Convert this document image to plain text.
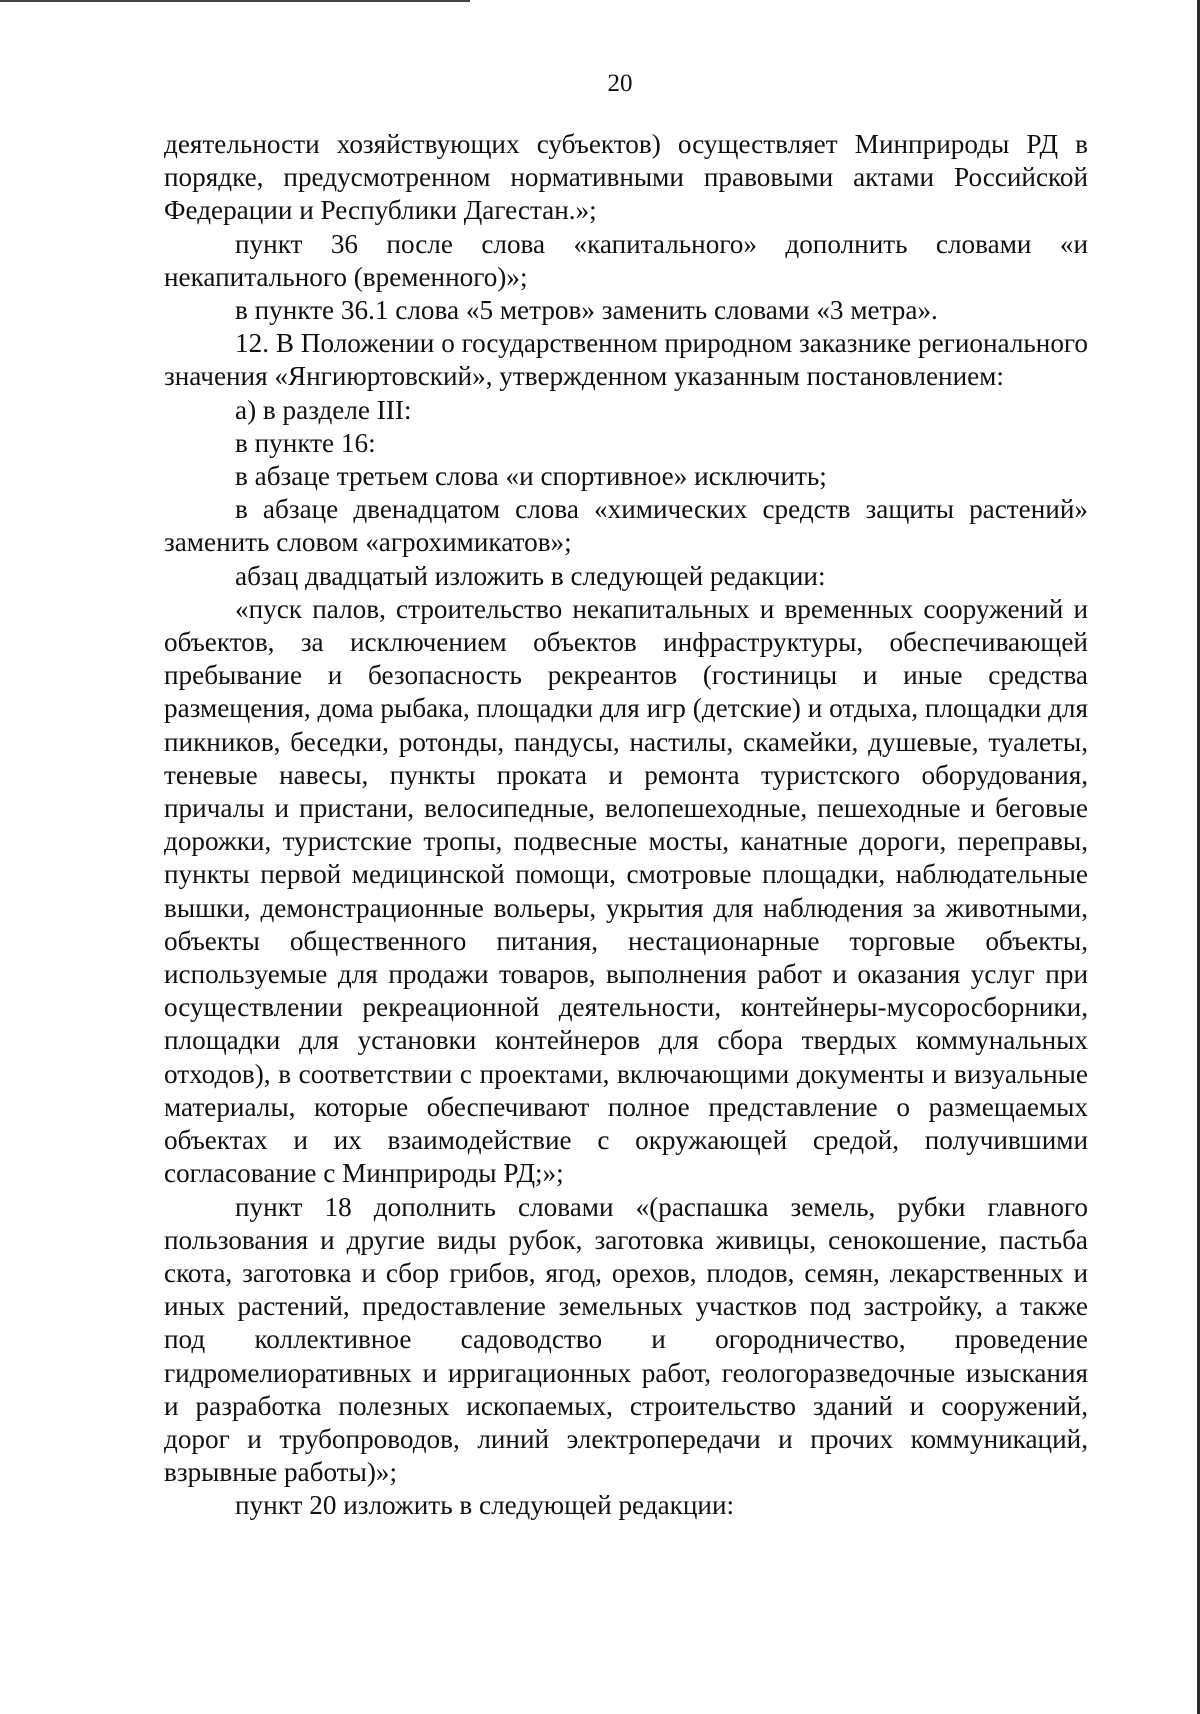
20

деятельности хозяйствующих субъектов) осуществляет Минприроды РД в порядке, предусмотренном нормативными правовыми актами Российской Федерации и Республики Дагестан.»;

пункт 36 после слова «капитального» дополнить словами «и некапитального (временного)»;

в пункте 36.1 слова «5 метров» заменить словами «3 метра».

12. В Положении о государственном природном заказнике регионального значения «Янгиюртовский», утвержденном указанным постановлением:

а) в разделе III:

в пункте 16:

в абзаце третьем слова «и спортивное» исключить;

в абзаце двенадцатом слова «химических средств защиты растений» заменить словом «агрохимикатов»;

абзац двадцатый изложить в следующей редакции:

«пуск палов, строительство некапитальных и временных сооружений и объектов, за исключением объектов инфраструктуры, обеспечивающей пребывание и безопасность рекреантов (гостиницы и иные средства размещения, дома рыбака, площадки для игр (детские) и отдыха, площадки для пикников, беседки, ротонды, пандусы, настилы, скамейки, душевые, туалеты, теневые навесы, пункты проката и ремонта туристского оборудования, причалы и пристани, велосипедные, велопешеходные, пешеходные и беговые дорожки, туристские тропы, подвесные мосты, канатные дороги, переправы, пункты первой медицинской помощи, смотровые площадки, наблюдательные вышки, демонстрационные вольеры, укрытия для наблюдения за животными, объекты общественного питания, нестационарные торговые объекты, используемые для продажи товаров, выполнения работ и оказания услуг при осуществлении рекреационной деятельности, контейнеры-мусоросборники, площадки для установки контейнеров для сбора твердых коммунальных отходов), в соответствии с проектами, включающими документы и визуальные материалы, которые обеспечивают полное представление о размещаемых объектах и их взаимодействие с окружающей средой, получившими согласование с Минприроды РД;»;

пункт 18 дополнить словами «(распашка земель, рубки главного пользования и другие виды рубок, заготовка живицы, сенокошение, пастьба скота, заготовка и сбор грибов, ягод, орехов, плодов, семян, лекарственных и иных растений, предоставление земельных участков под застройку, а также под коллективное садоводство и огородничество, проведение гидромелиоративных и ирригационных работ, геологоразведочные изыскания и разработка полезных ископаемых, строительство зданий и сооружений, дорог и трубопроводов, линий электропередачи и прочих коммуникаций, взрывные работы)»;

пункт 20 изложить в следующей редакции:
